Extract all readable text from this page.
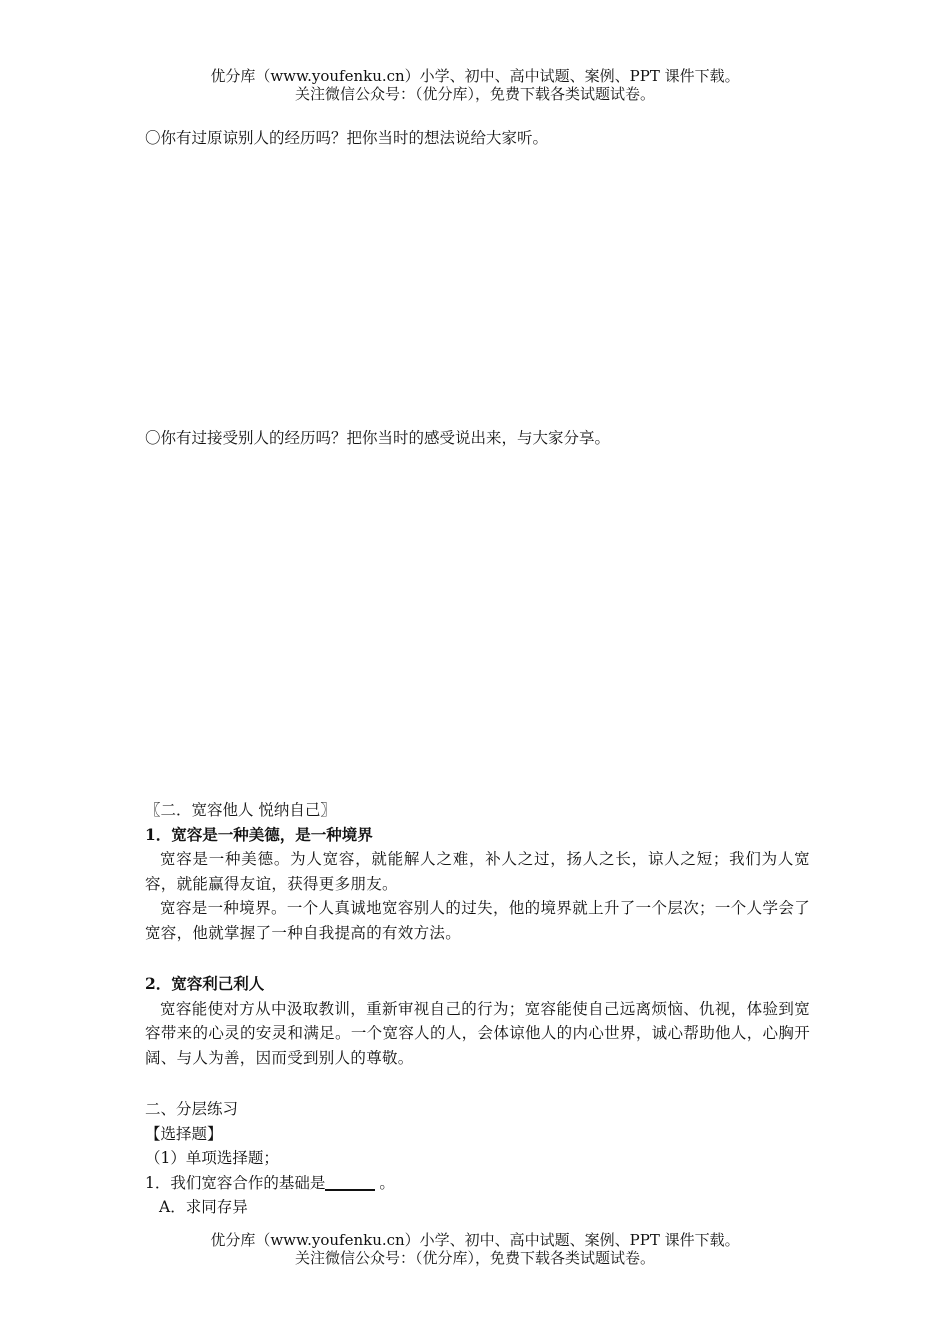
优分库（www.youfenku.cn）小学、初中、高中试题、案例、PPT 课件下载。
关注微信公众号：（优分库），免费下载各类试题试卷。
〇你有过原谅别人的经历吗？把你当时的想法说给大家听。
〇你有过接受别人的经历吗？把你当时的感受说出来，与大家分享。
〖二．宽容他人 悦纳自己〗
1．宽容是一种美德，是一种境界
宽容是一种美德。为人宽容，就能解人之难，补人之过，扬人之长，谅人之短；我们为人宽容，就能赢得友谊，获得更多朋友。
宽容是一种境界。一个人真诚地宽容别人的过失，他的境界就上升了一个层次；一个人学会了宽容，他就掌握了一种自我提高的有效方法。
2．宽容利己利人
宽容能使对方从中汲取教训，重新审视自己的行为；宽容能使自己远离烦恼、仇视，体验到宽容带来的心灵的安灵和满足。一个宽容人的人，会体谅他人的内心世界，诚心帮助他人，心胸开阔、与人为善，因而受到别人的尊敬。
二、分层练习
【选择题】
（1）单项选择题；
1．我们宽容合作的基础是	。
A．求同存异
优分库（www.youfenku.cn）小学、初中、高中试题、案例、PPT 课件下载。
关注微信公众号：（优分库），免费下载各类试题试卷。
